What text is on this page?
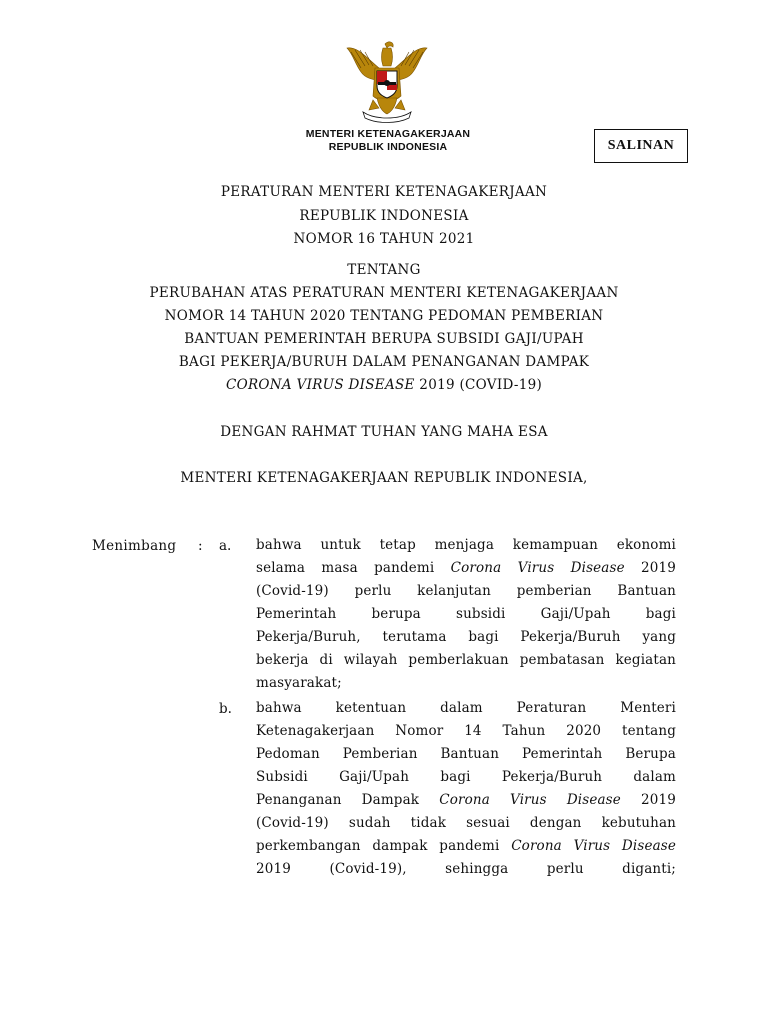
MENTERI KETENAGAKERJAAN
REPUBLIK INDONESIA	SALINAN
PERATURAN MENTERI KETENAGAKERJAAN
REPUBLIK INDONESIA
NOMOR 16 TAHUN 2021
TENTANG
PERUBAHAN ATAS PERATURAN MENTERI KETENAGAKERJAAN
NOMOR 14 TAHUN 2020 TENTANG PEDOMAN PEMBERIAN
BANTUAN PEMERINTAH BERUPA SUBSIDI GAJI/UPAH
BAGI PEKERJA/BURUH DALAM PENANGANAN DAMPAK
CORONA VIRUS DISEASE 2019 (COVID-19)
DENGAN RAHMAT TUHAN YANG MAHA ESA
MENTERI KETENAGAKERJAAN REPUBLIK INDONESIA,
Menimbang : a. bahwa untuk tetap menjaga kemampuan ekonomi
selama masa pandemi Corona Virus Disease 2019
(Covid-19) perlu kelanjutan pemberian Bantuan
Pemerintah berupa subsidi Gaji/Upah bagi
Pekerja/Buruh, terutama bagi Pekerja/Buruh yang
bekerja di wilayah pemberlakuan pembatasan kegiatan
masyarakat;
b. bahwa ketentuan dalam Peraturan Menteri
Ketenagakerjaan Nomor 14 Tahun 2020 tentang
Pedoman Pemberian Bantuan Pemerintah Berupa
Subsidi Gaji/Upah bagi Pekerja/Buruh dalam
Penanganan Dampak Corona Virus Disease 2019
(Covid-19) sudah tidak sesuai dengan kebutuhan
perkembangan dampak pandemi Corona Virus Disease
2019 (Covid-19), sehingga perlu diganti;
